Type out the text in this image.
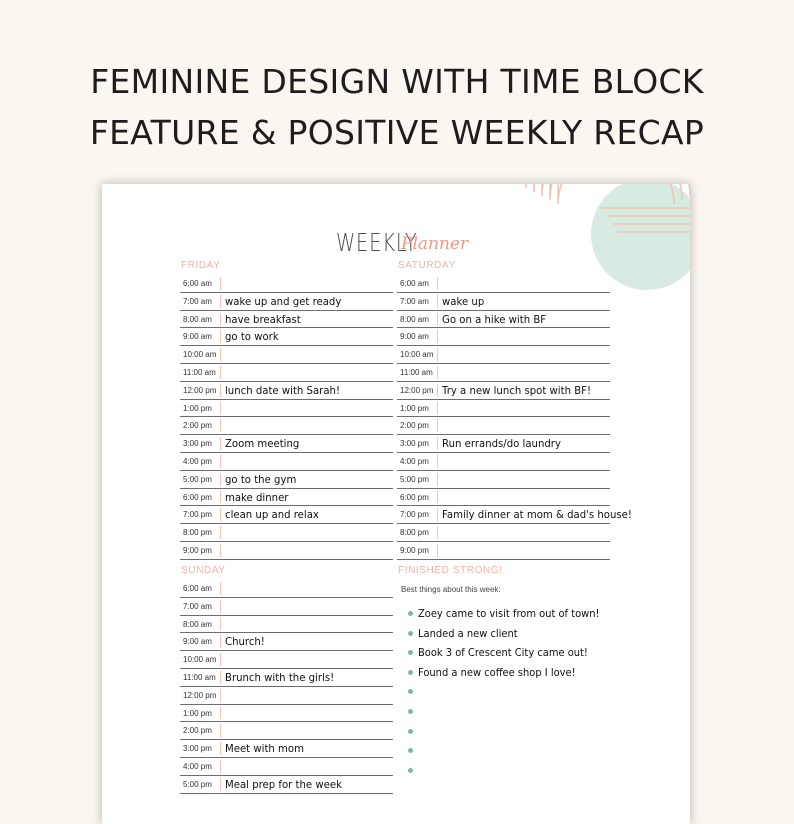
FEMININE DESIGN WITH TIME BLOCK
FEATURE & POSITIVE WEEKLY RECAP
WEEKLY
Planner
FRIDAY
6:00 am
7:00 am wake up and get ready
8:00 am have breakfast
9:00 am go to work
10:00 am
11:00 am
12:00 pm lunch date with Sarah!
1:00 pm
2:00 pm
3:00 pm Zoom meeting
4:00 pm
5:00 pm go to the gym
6:00 pm make dinner
7:00 pm clean up and relax
8:00 pm
9:00 pm
SATURDAY
6:00 am
7:00 am wake up
8:00 am Go on a hike with BF
9:00 am
10:00 am
11:00 am
12:00 pm Try a new lunch spot with BF!
1:00 pm
2:00 pm
3:00 pm Run errands/do laundry
4:00 pm
5:00 pm
6:00 pm
7:00 pm Family dinner at mom & dad's house!
8:00 pm
9:00 pm
SUNDAY
6:00 am
7:00 am
8:00 am
9:00 am Church!
10:00 am
11:00 am Brunch with the girls!
12:00 pm
1:00 pm
2:00 pm
3:00 pm Meet with mom
4:00 pm
5:00 pm Meal prep for the week
FINISHED STRONG!
Best things about this week:
Zoey came to visit from out of town!
Landed a new client
Book 3 of Crescent City came out!
Found a new coffee shop I love!
